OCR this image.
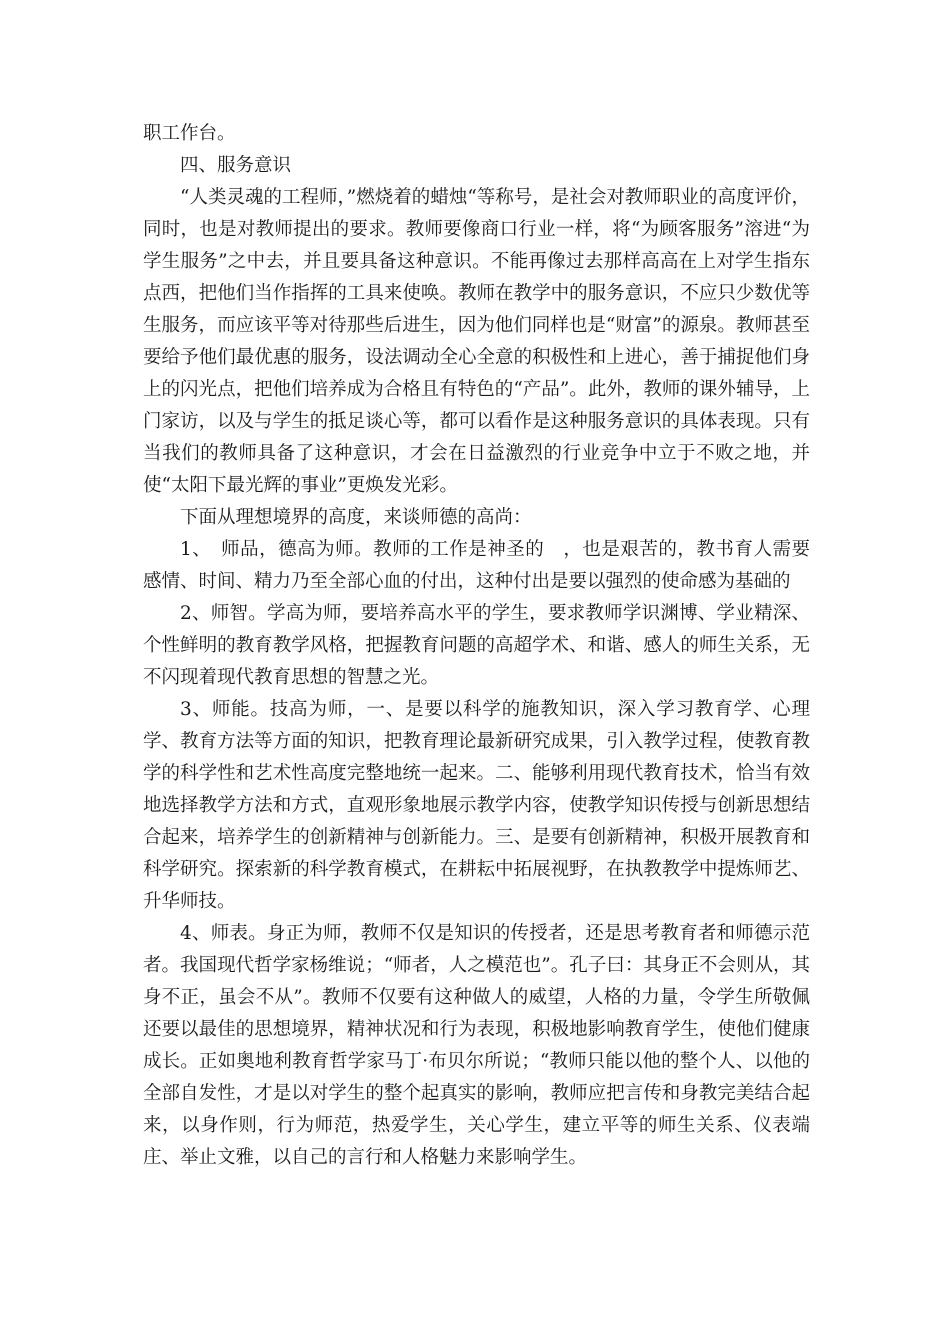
职工作台。

四、服务意识

“人类灵魂的工程师，”燃烧着的蜡烛“等称号，是社会对教师职业的高度评价，同时，也是对教师提出的要求。教师要像商口行业一样，将“为顾客服务”溶进“为学生服务”之中去，并且要具备这种意识。不能再像过去那样高高在上对学生指东点西，把他们当作指挥的工具来使唤。教师在教学中的服务意识，不应只少数优等生服务，而应该平等对待那些后进生，因为他们同样也是“财富”的源泉。教师甚至要给予他们最优惠的服务，设法调动全心全意的积极性和上进心，善于捕捉他们身上的闪光点，把他们培养成为合格且有特色的“产品”。此外，教师的课外辅导，上门家访，以及与学生的抵足谈心等，都可以看作是这种服务意识的具体表现。只有当我们的教师具备了这种意识，才会在日益激烈的行业竞争中立于不败之地，并使“太阳下最光辉的事业”更焕发光彩。

下面从理想境界的高度，来谈师德的高尚：

1、　师品，德高为师。教师的工作是神圣的　，也是艰苦的，教书育人需要感情、时间、精力乃至全部心血的付出，这种付出是要以强烈的使命感为基础的

2、师智。学高为师，要培养高水平的学生，要求教师学识渊博、学业精深、个性鲜明的教育教学风格，把握教育问题的高超学术、和谐、感人的师生关系，无不闪现着现代教育思想的智慧之光。

3、师能。技高为师，一、是要以科学的施教知识，深入学习教育学、心理学、教育方法等方面的知识，把教育理论最新研究成果，引入教学过程，使教育教学的科学性和艺术性高度完整地统一起来。二、能够利用现代教育技术，恰当有效地选择教学方法和方式，直观形象地展示教学内容，使教学知识传授与创新思想结合起来，培养学生的创新精神与创新能力。三、是要有创新精神，积极开展教育和科学研究。探索新的科学教育模式，在耕耘中拓展视野，在执教教学中提炼师艺、升华师技。

4、师表。身正为师，教师不仅是知识的传授者，还是思考教育者和师德示范者。我国现代哲学家杨维说；“师者，人之模范也”。孔子曰：其身正不会则从，其身不正，虽会不从”。教师不仅要有这种做人的威望，人格的力量，令学生所敬佩还要以最佳的思想境界，精神状况和行为表现，积极地影响教育学生，使他们健康成长。正如奥地利教育哲学家马丁·布贝尔所说；“教师只能以他的整个人、以他的全部自发性，才是以对学生的整个起真实的影响，教师应把言传和身教完美结合起来，以身作则，行为师范，热爱学生，关心学生，建立平等的师生关系、仪表端庄、举止文雅，以自己的言行和人格魅力来影响学生。
